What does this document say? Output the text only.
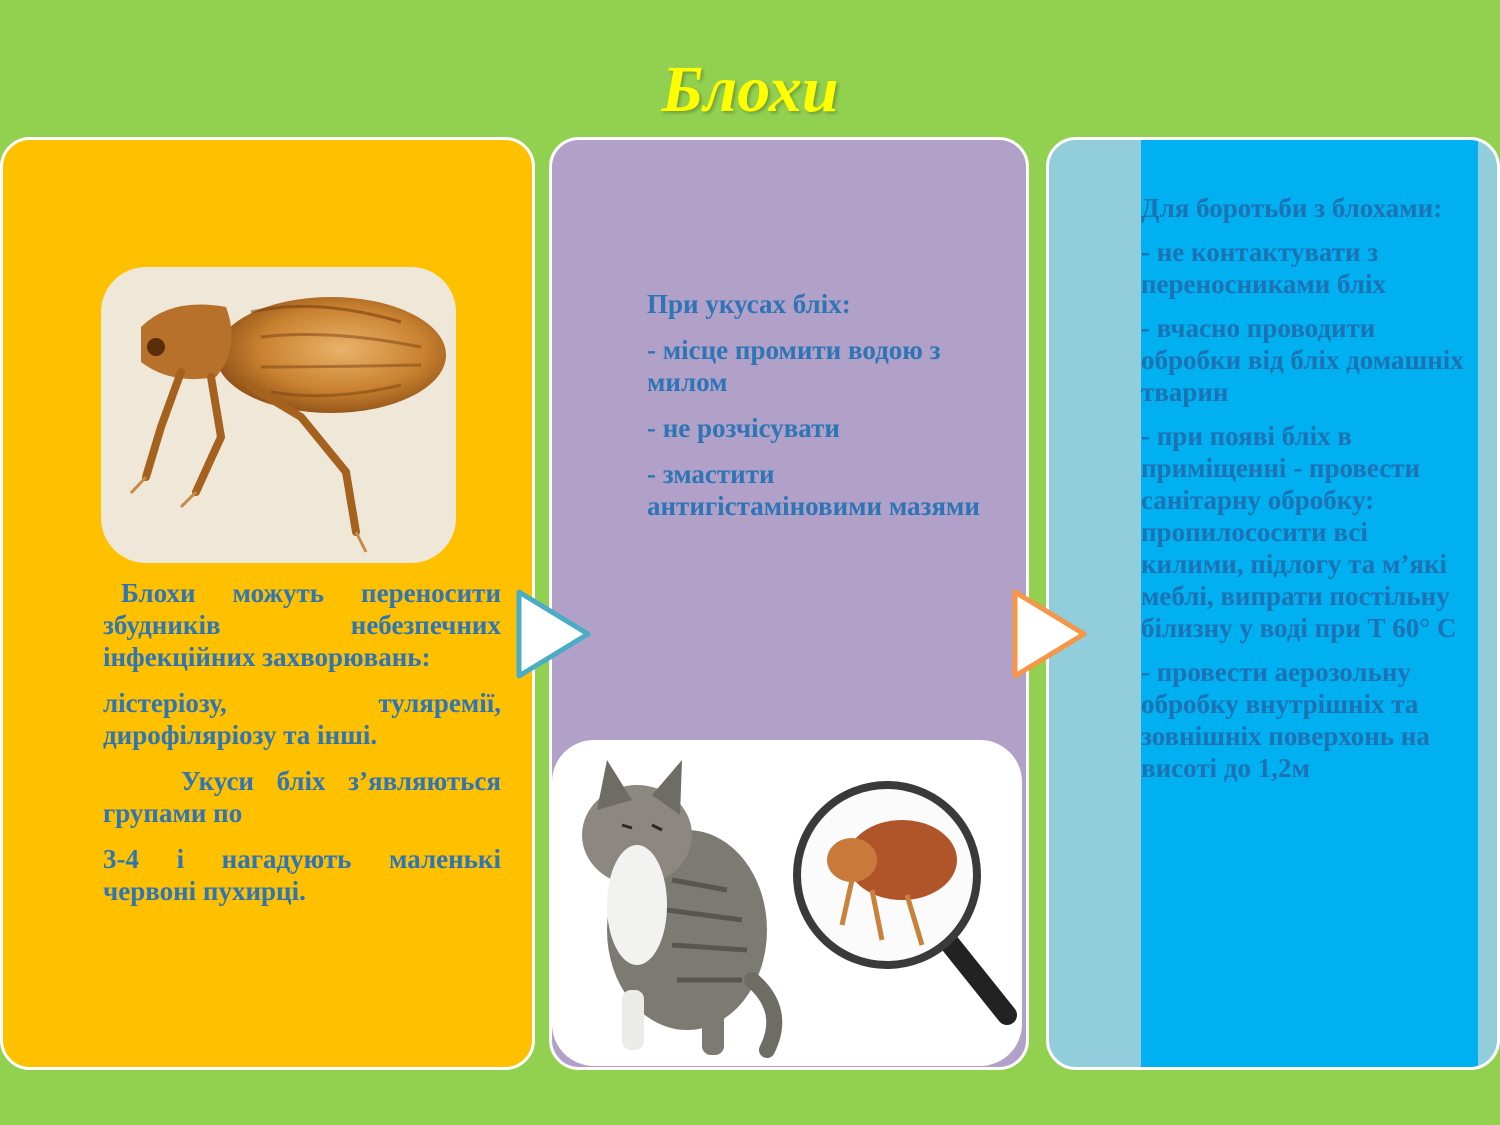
Блохи

Блохи можуть переносити збудників небезпечних інфекційних захворювань:

лістеріозу, туляремії, дирофіляріозу та інші.

Укуси бліх з’являються групами по

3-4 і нагадують маленькі червоні пухирці.

При укусах бліх:

- місце промити водою з милом

- не розчісувати

- змастити антигістаміновими мазями

Для боротьби з блохами:

- не контактувати з переносниками бліх

- вчасно проводити обробки від бліх домашніх тварин

- при появі бліх в приміщенні - провести санітарну обробку: пропилососити всі килими, підлогу та м’які меблі, випрати постільну білизну у воді при Т 60° С

- провести аерозольну обробку внутрішніх та зовнішніх поверхонь на висоті до 1,2м
